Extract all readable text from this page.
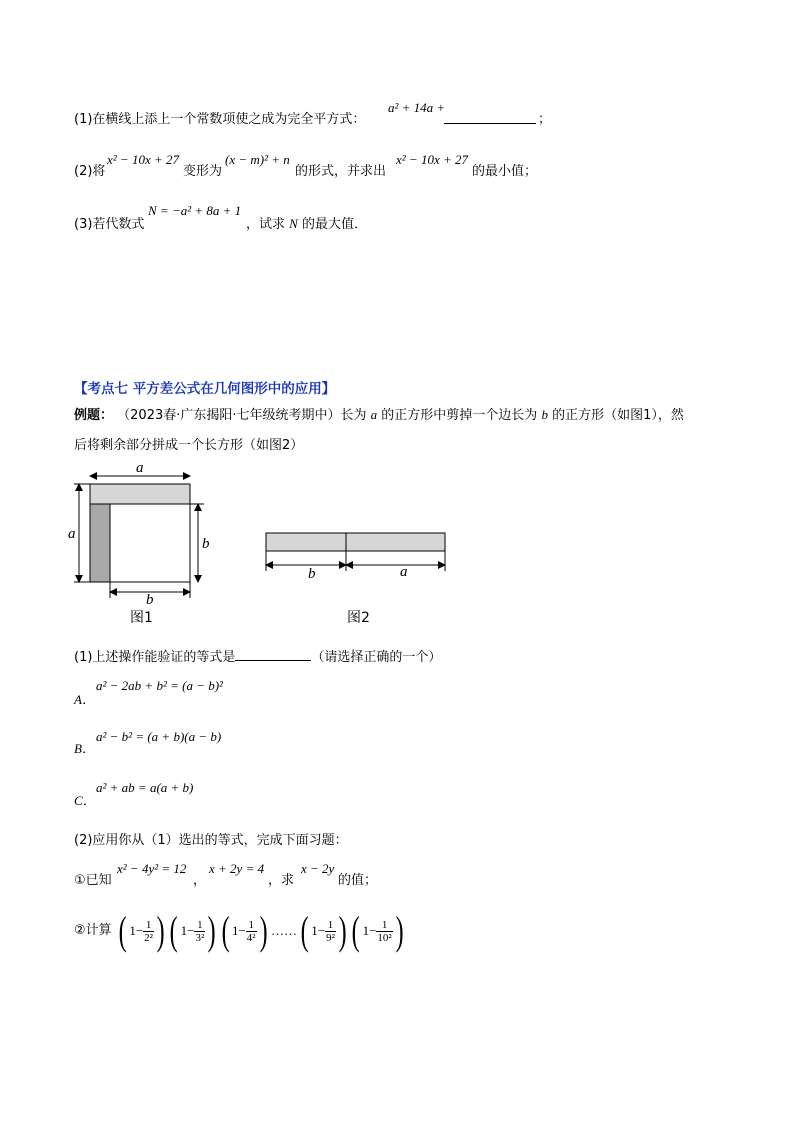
(1)在横线上添上一个常数项使之成为完全平方式：
a² + 14a +
；
(2)将
x² − 10x + 27
变形为
(x − m)² + n
的形式，并求出
x² − 10x + 27
的最小值；
(3)若代数式
N = −a² + 8a + 1
，试求 N 的最大值．
【考点七 平方差公式在几何图形中的应用】
例题： （2023春·广东揭阳·七年级统考期中）长为 a 的正方形中剪掉一个边长为 b 的正方形（如图1），然
后将剩余部分拼成一个长方形（如图2）
a
a
b
b
图1
b	a
图2
(1)上述操作能验证的等式是	（请选择正确的一个）
a² − 2ab + b² = (a − b)²
A．
a² − b² = (a + b)(a − b)
B．
a² + ab = a(a + b)
C．
(2)应用你从（1）选出的等式，完成下面习题：
①已知
x² − 4y² = 12
，
x + 2y = 4
，求
x − 2y
的值；
②计算 ( $1- \frac{1}{\text{2²}}$ ) ( $1- \frac{1}{\text{3²}}$ ) ( $1- \frac{1}{\text{4²}}$ ) …… ( $1- \frac{1}{\text{9²}}$ ) ( $1- \frac{1}{\text{10²}}$ )
